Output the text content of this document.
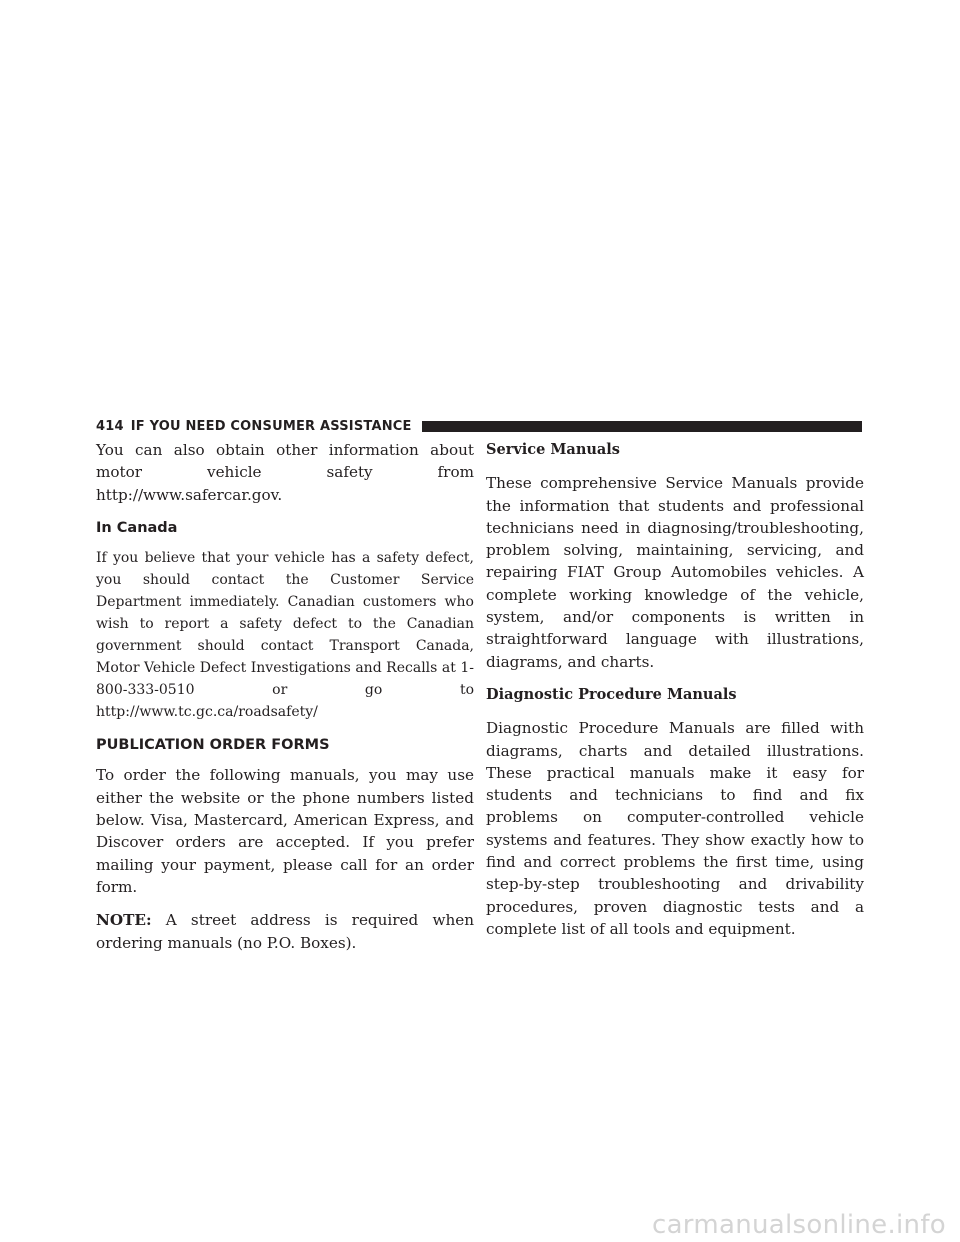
414 IF YOU NEED CONSUMER ASSISTANCE

You can also obtain other information about motor vehicle safety from http://www.safercar.gov.

In Canada

If you believe that your vehicle has a safety defect, you should contact the Customer Service Department immediately. Canadian customers who wish to report a safety defect to the Canadian government should contact Transport Canada, Motor Vehicle Defect Investigations and Recalls at 1-800-333-0510 or go to http://www.tc.gc.ca/roadsafety/

PUBLICATION ORDER FORMS

To order the following manuals, you may use either the website or the phone numbers listed below. Visa, Mastercard, American Express, and Discover orders are accepted. If you prefer mailing your payment, please call for an order form.

NOTE: A street address is required when ordering manuals (no P.O. Boxes).

Service Manuals

These comprehensive Service Manuals provide the information that students and professional technicians need in diagnosing/troubleshooting, problem solving, maintaining, servicing, and repairing FIAT Group Automobiles vehicles. A complete working knowledge of the vehicle, system, and/or components is written in straightforward language with illustrations, diagrams, and charts.

Diagnostic Procedure Manuals

Diagnostic Procedure Manuals are filled with diagrams, charts and detailed illustrations. These practical manuals make it easy for students and technicians to find and fix problems on computer-controlled vehicle systems and features. They show exactly how to find and correct problems the first time, using step-by-step troubleshooting and drivability procedures, proven diagnostic tests and a complete list of all tools and equipment.

carmanualsonline.info
